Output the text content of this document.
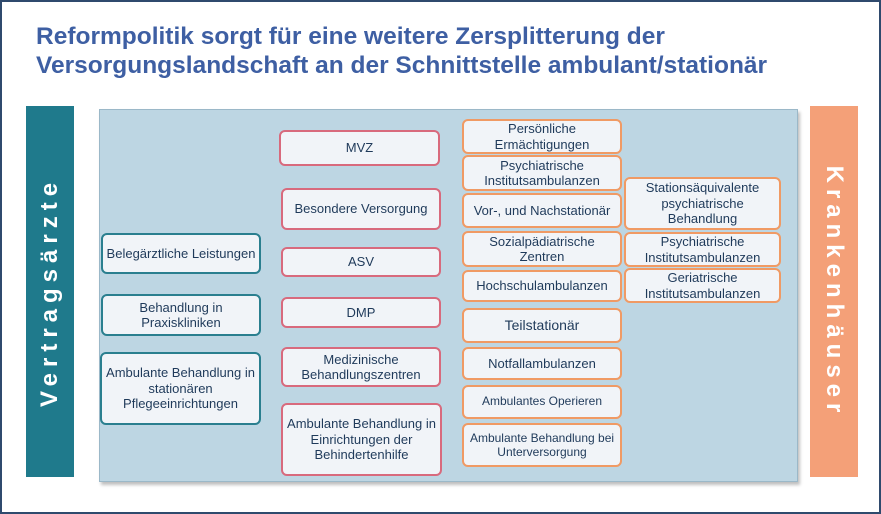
Reformpolitik sorgt für eine weitere Zersplitterung der
Versorgungslandschaft an der Schnittstelle ambulant/stationär
Vertragsärzte	Krankenhäuser
Belegärztliche Leistungen
Behandlung in Praxiskliniken
Ambulante Behandlung in stationären Pflegeeinrichtungen
MVZ
Besondere Versorgung
ASV
DMP
Medizinische Behandlungszentren
Ambulante Behandlung in Einrichtungen der Behindertenhilfe
Persönliche Ermächtigungen
Psychiatrische Institutsambulanzen
Vor-, und Nachstationär
Sozialpädiatrische Zentren
Hochschulambulanzen
Teilstationär
Notfallambulanzen
Ambulantes Operieren
Ambulante Behandlung bei Unterversorgung
Stationsäquivalente psychiatrische Behandlung
Psychiatrische Institutsambulanzen
Geriatrische Institutsambulanzen
